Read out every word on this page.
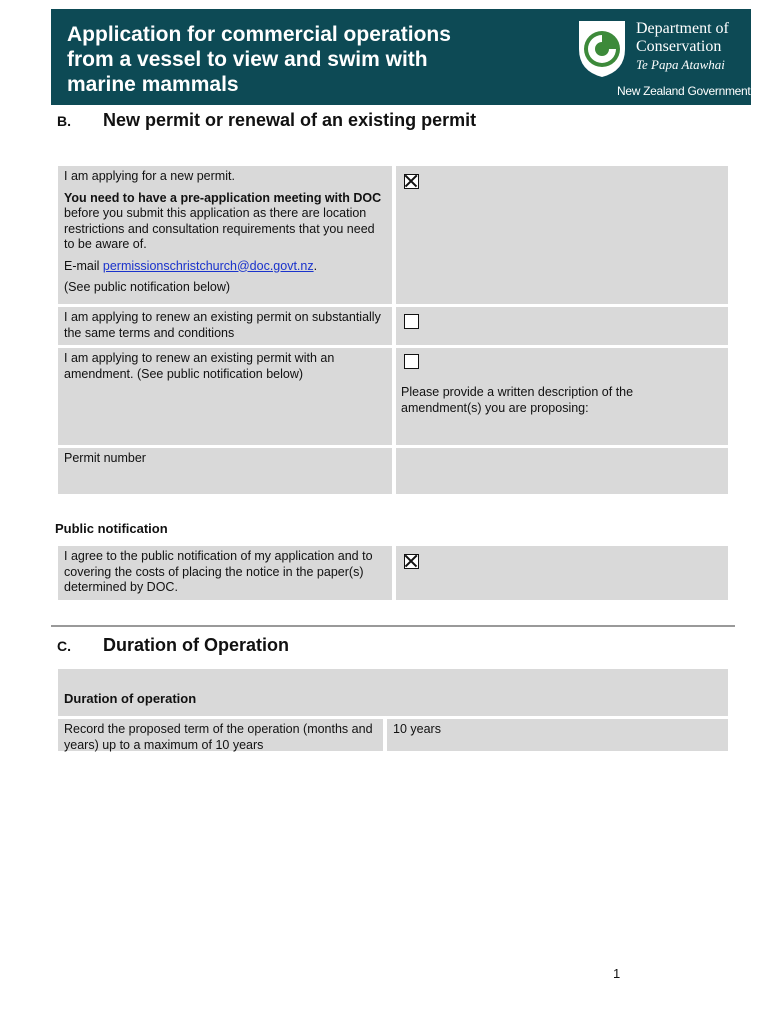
Application for commercial operations from a vessel to view and swim with marine mammals
Department of
Conservation
Te Papa Atawhai
New Zealand Government
B. New permit or renewal of an existing permit

I am applying for a new permit.

You need to have a pre-application meeting with DOC before you submit this application as there are location restrictions and consultation requirements that you need to be aware of.

E-mail permissionschristchurch@doc.govt.nz.

(See public notification below)

I am applying to renew an existing permit on substantially the same terms and conditions

I am applying to renew an existing permit with an amendment. (See public notification below)

Please provide a written description of the amendment(s) you are proposing:

Permit number

Public notification

I agree to the public notification of my application and to covering the costs of placing the notice in the paper(s) determined by DOC.

C. Duration of Operation

Duration of operation

Record the proposed term of the operation (months and years) up to a maximum of 10 years

10 years

1
